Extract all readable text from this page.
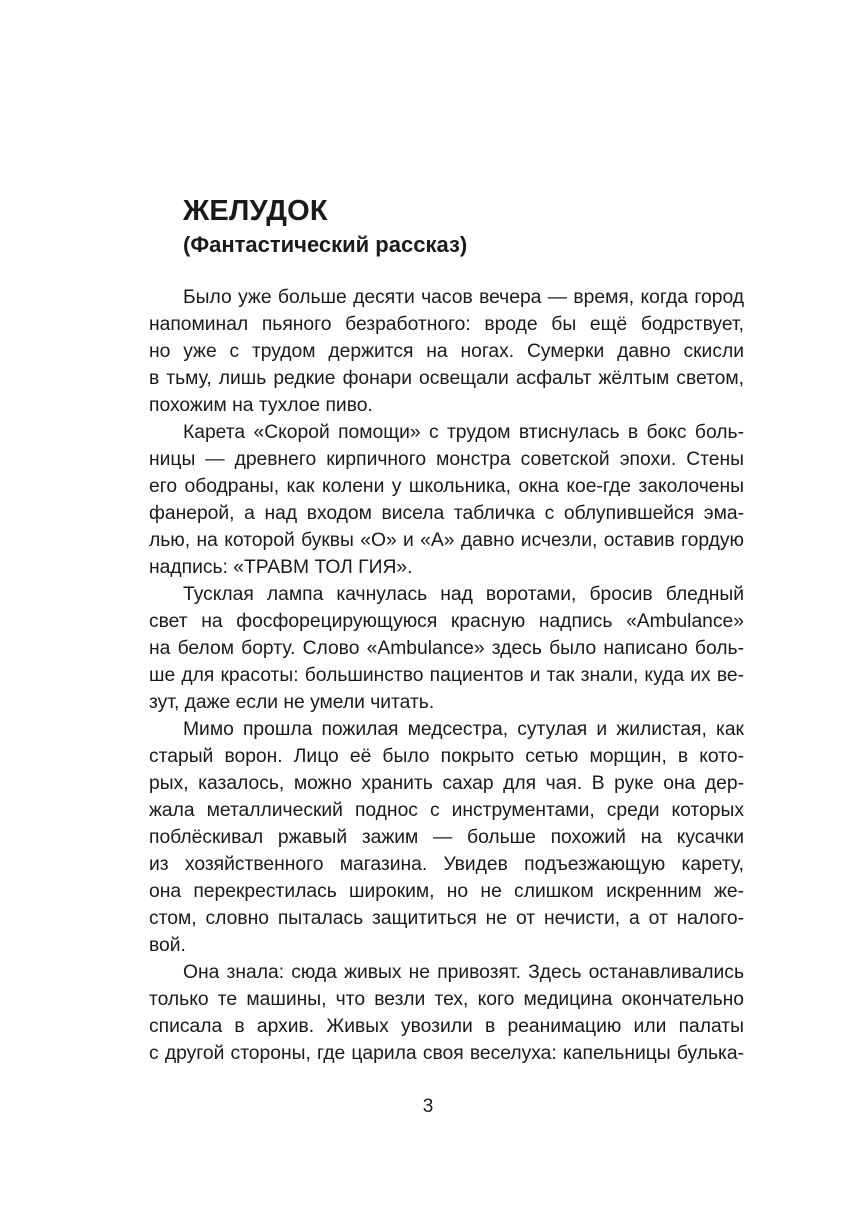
ЖЕЛУДОК
(Фантастический рассказ)
Было уже больше десяти часов вечера — время, когда город
напоминал пьяного безработного: вроде бы ещё бодрствует,
но уже с трудом держится на ногах. Сумерки давно скисли
в тьму, лишь редкие фонари освещали асфальт жёлтым светом,
похожим на тухлое пиво.
Карета «Скорой помощи» с трудом втиснулась в бокс боль-
ницы — древнего кирпичного монстра советской эпохи. Стены
его ободраны, как колени у школьника, окна кое-где заколочены
фанерой, а над входом висела табличка с облупившейся эма-
лью, на которой буквы «О» и «А» давно исчезли, оставив гордую
надпись: «ТРАВМ ТОЛ ГИЯ».
Тусклая лампа качнулась над воротами, бросив бледный
свет на фосфорецирующуюся красную надпись «Ambulance»
на белом борту. Слово «Ambulance» здесь было написано боль-
ше для красоты: большинство пациентов и так знали, куда их ве-
зут, даже если не умели читать.
Мимо прошла пожилая медсестра, сутулая и жилистая, как
старый ворон. Лицо её было покрыто сетью морщин, в кото-
рых, казалось, можно хранить сахар для чая. В руке она дер-
жала металлический поднос с инструментами, среди которых
поблёскивал ржавый зажим — больше похожий на кусачки
из хозяйственного магазина. Увидев подъезжающую карету,
она перекрестилась широким, но не слишком искренним же-
стом, словно пыталась защититься не от нечисти, а от налого-
вой.
Она знала: сюда живых не привозят. Здесь останавливались
только те машины, что везли тех, кого медицина окончательно
списала в архив. Живых увозили в реанимацию или палаты
с другой стороны, где царила своя веселуха: капельницы булька-
3
